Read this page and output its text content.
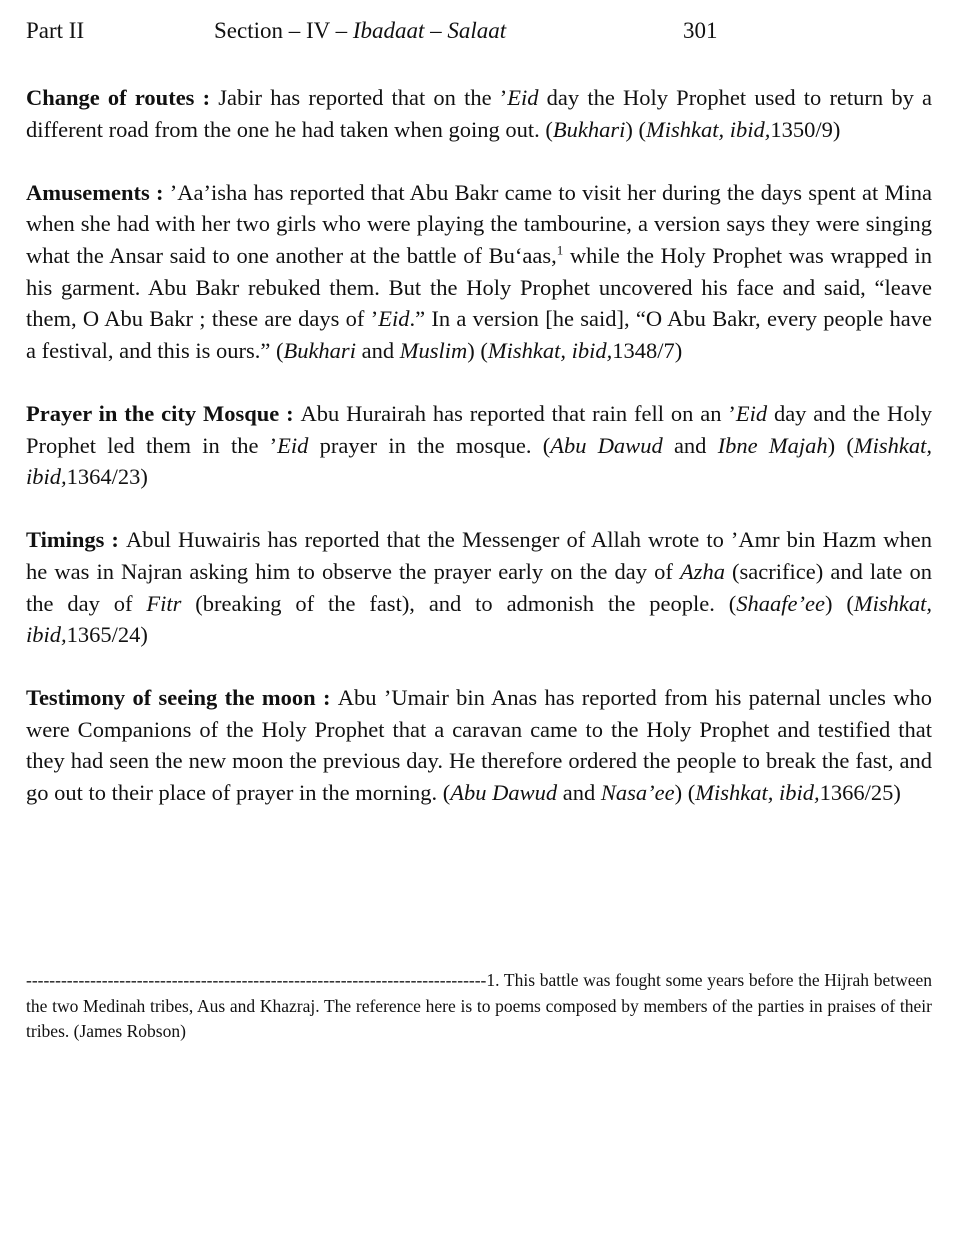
Part II	Section – IV – Ibadaat – Salaat	301

Change of routes : Jabir has reported that on the ’Eid day the Holy Prophet used to return by a different road from the one he had taken when going out. (Bukhari) (Mishkat, ibid,1350/9)

Amusements : ’Aa’isha has reported that Abu Bakr came to visit her during the days spent at Mina when she had with her two girls who were playing the tambourine, a version says they were singing what the Ansar said to one another at the battle of Bu‘aas,$^1$ while the Holy Prophet was wrapped in his garment. Abu Bakr rebuked them. But the Holy Prophet uncovered his face and said, “leave them, O Abu Bakr ; these are days of ’Eid.” In a version [he said], “O Abu Bakr, every people have a festival, and this is ours.” (Bukhari and Muslim) (Mishkat, ibid,1348/7)

Prayer in the city Mosque : Abu Hurairah has reported that rain fell on an ’Eid day and the Holy Prophet led them in the ’Eid prayer in the mosque. (Abu Dawud and Ibne Majah) (Mishkat, ibid,1364/23)

Timings : Abul Huwairis has reported that the Messenger of Allah wrote to ’Amr bin Hazm when he was in Najran asking him to observe the prayer early on the day of Azha (sacrifice) and late on the day of Fitr (breaking of the fast), and to admonish the people. (Shaafe’ee) (Mishkat, ibid,1365/24)

Testimony of seeing the moon : Abu ’Umair bin Anas has reported from his paternal uncles who were Companions of the Holy Prophet that a caravan came to the Holy Prophet and testified that they had seen the new moon the previous day. He therefore ordered the people to break the fast, and go out to their place of prayer in the morning. (Abu Dawud and Nasa’ee) (Mishkat, ibid,1366/25)

-------------------------------------------------------------------------------1. This battle was fought some years before the Hijrah between the two Medinah tribes, Aus and Khazraj. The reference here is to poems composed by members of the parties in praises of their tribes. (James Robson)
